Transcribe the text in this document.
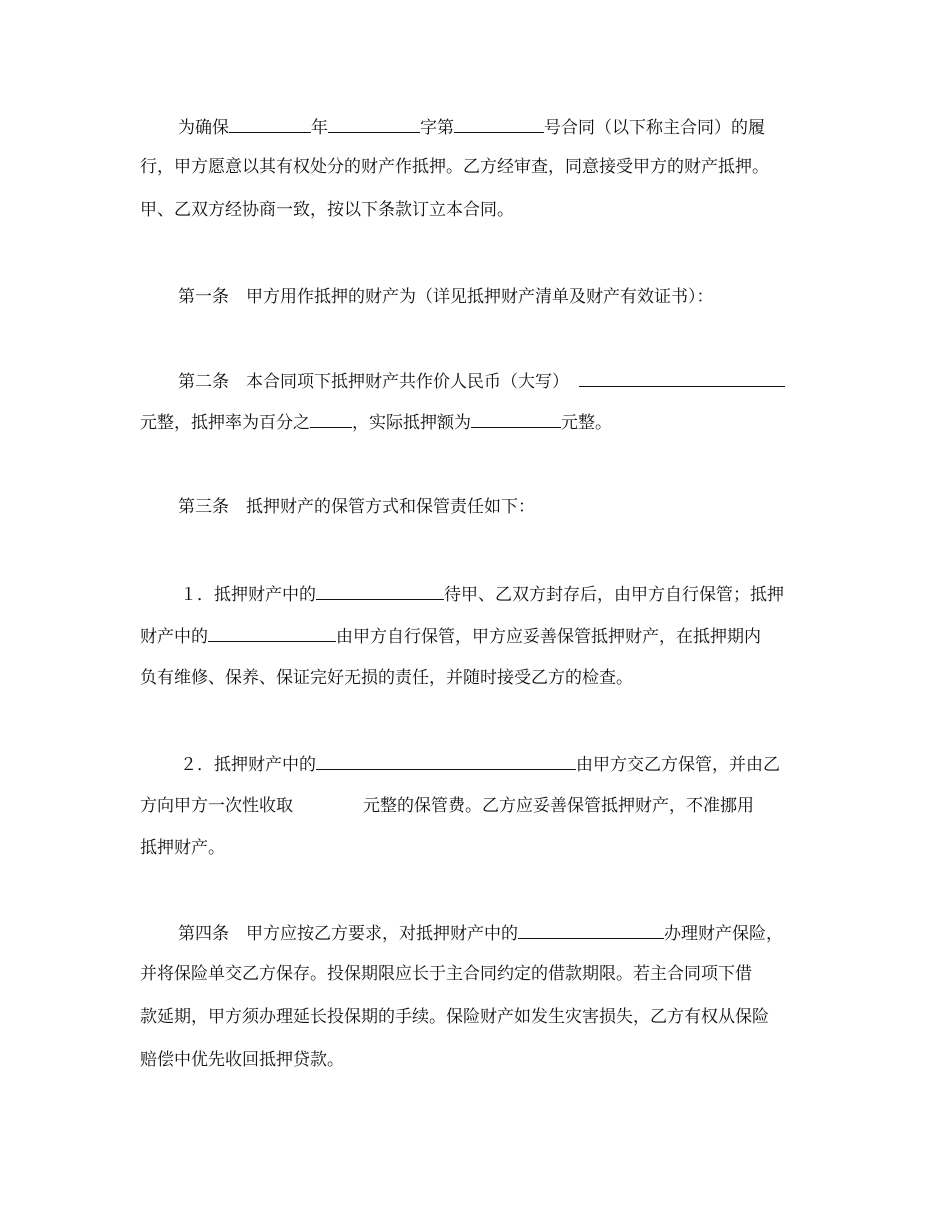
为确保	年	字第	号合同（以下称主合同）的履
行，甲方愿意以其有权处分的财产作抵押。乙方经审查，同意接受甲方的财产抵押。
甲、乙双方经协商一致，按以下条款订立本合同。
第一条　甲方用作抵押的财产为（详见抵押财产清单及财产有效证书）：
第二条　本合同项下抵押财产共作价人民币（大写）
元整，抵押率为百分之 ，实际抵押额为	元整。
第三条　抵押财产的保管方式和保管责任如下：
１．抵押财产中的	待甲、乙双方封存后，由甲方自行保管；抵押
财产中的	由甲方自行保管，甲方应妥善保管抵押财产，在抵押期内
负有维修、保养、保证完好无损的责任，并随时接受乙方的检查。
２．抵押财产中的	由甲方交乙方保管，并由乙
方向甲方一次性收取	元整的保管费。乙方应妥善保管抵押财产，不准挪用
抵押财产。
第四条　甲方应按乙方要求，对抵押财产中的	办理财产保险，
并将保险单交乙方保存。投保期限应长于主合同约定的借款期限。若主合同项下借
款延期，甲方须办理延长投保期的手续。保险财产如发生灾害损失，乙方有权从保险
赔偿中优先收回抵押贷款。
